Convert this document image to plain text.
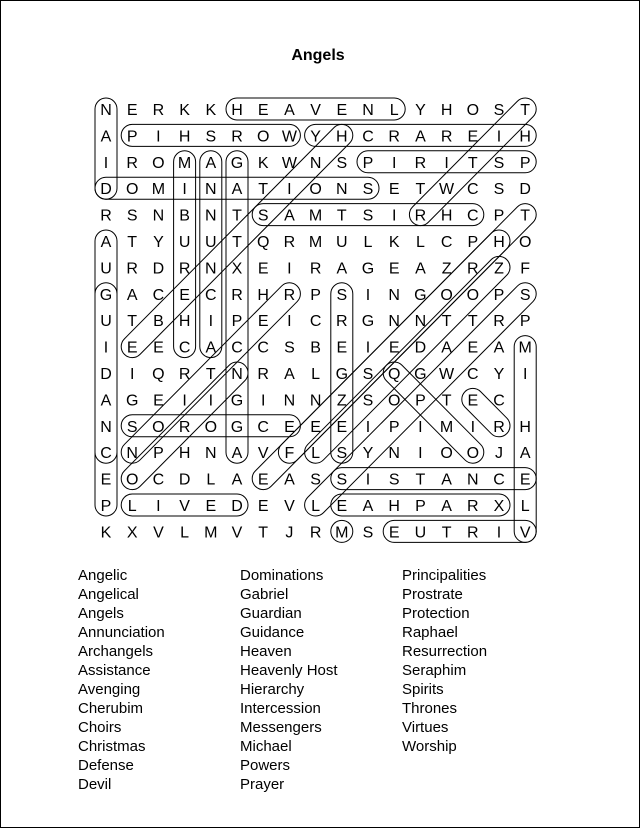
Angels
N E R K K H E A V E N L Y H O S T
A P I H S R O W Y H C R A R E I H
I R O M A G K W N S P I R I T S P
D O M I N A T I O N S E T W C S D
R S N B N T S A M T S I R H C P T
A T Y U U T Q R M U L K L C P H O
U R D R N X E I R A G E A Z R Z F
G A C E C R H R P S I N G O O P S
U T B H I P E I C R G N N T T R P
I E E C A C C S B E I E D A E A M
D I Q R T N R A L G S Q G W C Y I
A G E I I G I N N Z S O P T E C
N S O R O G C E E E I P I M I R H
C N P H N A V F L S Y N I O O J A
E O C D L A E A S S I S T A N C E
P L I V E D E V L E A H P A R X L
K X V L M V T J R M S E U T R I V
Angelic
Angelical
Angels
Annunciation
Archangels
Assistance
Avenging
Cherubim
Choirs
Christmas
Defense
Devil
Dominations
Gabriel
Guardian
Guidance
Heaven
Heavenly Host
Hierarchy
Intercession
Messengers
Michael
Powers
Prayer
Principalities
Prostrate
Protection
Raphael
Resurrection
Seraphim
Spirits
Thrones
Virtues
Worship
